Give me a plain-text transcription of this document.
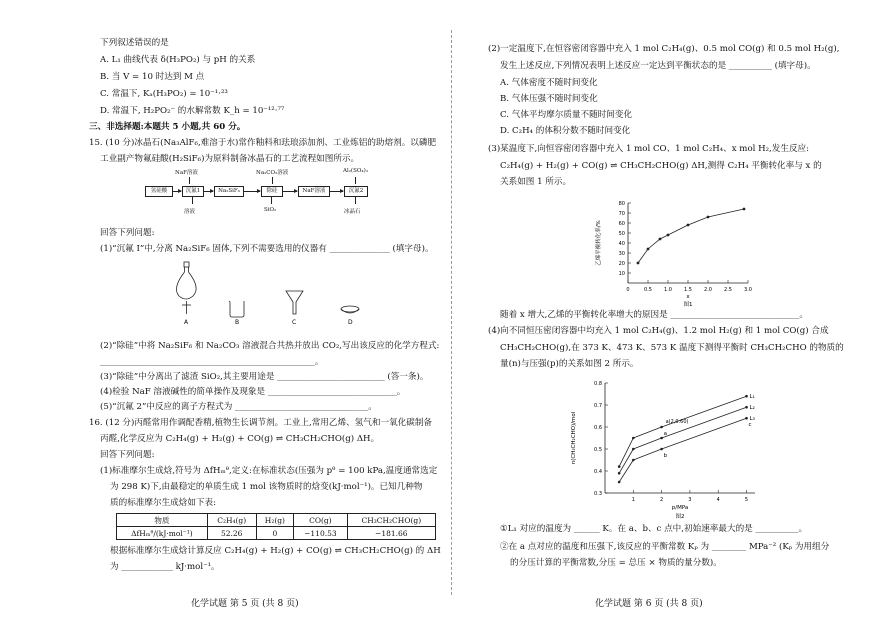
NaF溶液	Na₂CO₃溶液	Al₂(SO₄)₃
氢硅酸	沉氟1	Na₂SiF₆	除硅	NaF溶液	沉氟2
溶液	SiO₂	冰晶石
A	B	C	D
物质	C₂H₄(g)	H₂(g)	CO(g)	CH₃CH₂CHO(g)
ΔfHₘᶿ/(kJ·mol⁻¹)	52.26	0	−110.53	−181.66
10
20
30
40
50
60
70
80
0	0.5 1.0 1.5 2.0 2.5 3.0
乙烯平衡转化率/%
x
图1
0.3
0.4
0.5
0.6
0.7
0.8
1	2	3	4	5
L₁
L₂
L₃
a
b
c
a(2,0.60)
n(CH₃CH₂CHO)/mol
p/MPa
图2
化学试题 第 5 页 (共 8 页)	化学试题 第 6 页 (共 8 页)
下列叙述错误的是
A. L₁ 曲线代表 δ(H₃PO₂) 与 pH 的关系
B. 当 V = 10 时达到 M 点
C. 常温下, Kₐ(H₃PO₂) = 10⁻¹·²³
D. 常温下, H₂PO₂⁻ 的水解常数 K_h = 10⁻¹²·⁷⁷
三、非选择题:本题共 5 小题,共 60 分。
15. (10 分)冰晶石(Na₃AlF₆,难溶于水)常作釉料和珐琅添加剂、工业炼铝的助熔剂。以磷肥
工业副产物氟硅酸(H₂SiF₆)为原料制备冰晶石的工艺流程如图所示。
回答下列问题:
(1)“沉氟 Ⅰ”中,分离 Na₂SiF₆ 固体,下列不需要选用的仪器有 ______________ (填字母)。
(2)“除硅”中将 Na₂SiF₆ 和 Na₂CO₃ 溶液混合共热并放出 CO₂,写出该反应的化学方程式:
__________________________________________________。
(3)“除硅”中分离出了滤渣 SiO₂,其主要用途是 _________________________ (答一条)。
(4)检验 NaF 溶液碱性的简单操作及现象是 ______________________________。
(5)“沉氟 2”中反应的离子方程式为 _______________________________。
16. (12 分)丙醛常用作调配香精,植物生长调节剂。工业上,常用乙烯、氢气和一氧化碳制备
丙醛,化学反应为 C₂H₄(g) + H₂(g) + CO(g) ⇌ CH₃CH₂CHO(g) ΔH。
回答下列问题:
(1)标准摩尔生成焓,符号为 ΔfHₘᶿ,定义:在标准状态(压强为 pᶿ = 100 kPa,温度通常选定
为 298 K)下,由最稳定的单质生成 1 mol 该物质时的焓变(kJ·mol⁻¹)。已知几种物
质的标准摩尔生成焓如下表:
根据标准摩尔生成焓计算反应 C₂H₄(g) + H₂(g) + CO(g) ⇌ CH₃CH₂CHO(g) 的 ΔH
为 ____________ kJ·mol⁻¹。
(2)一定温度下,在恒容密闭容器中充入 1 mol C₂H₄(g)、0.5 mol CO(g) 和 0.5 mol H₂(g),
发生上述反应,下列情况表明上述反应一定达到平衡状态的是 __________ (填字母)。
A. 气体密度不随时间变化
B. 气体压强不随时间变化
C. 气体平均摩尔质量不随时间变化
D. C₂H₄ 的体积分数不随时间变化
(3)某温度下,向恒容密闭容器中充入 1 mol CO、1 mol C₂H₄、x mol H₂,发生反应:
C₂H₄(g) + H₂(g) + CO(g) ⇌ CH₃CH₂CHO(g) ΔH,测得 C₂H₄ 平衡转化率与 x 的
关系如图 1 所示。
随着 x 增大,乙烯的平衡转化率增大的原因是 ______________________________。
(4)向不同恒压密闭容器中均充入 1 mol C₂H₄(g)、1.2 mol H₂(g) 和 1 mol CO(g) 合成
CH₃CH₂CHO(g),在 373 K、473 K、573 K 温度下测得平衡时 CH₃CH₂CHO 的物质的
量(n)与压强(p)的关系如图 2 所示。
①L₁ 对应的温度为 ______ K。在 a、b、c 点中,初始速率最大的是 __________。
②在 a 点对应的温度和压强下,该反应的平衡常数 Kₚ 为 ________ MPa⁻² (Kₚ 为用组分
的分压计算的平衡常数,分压 = 总压 × 物质的量分数)。
